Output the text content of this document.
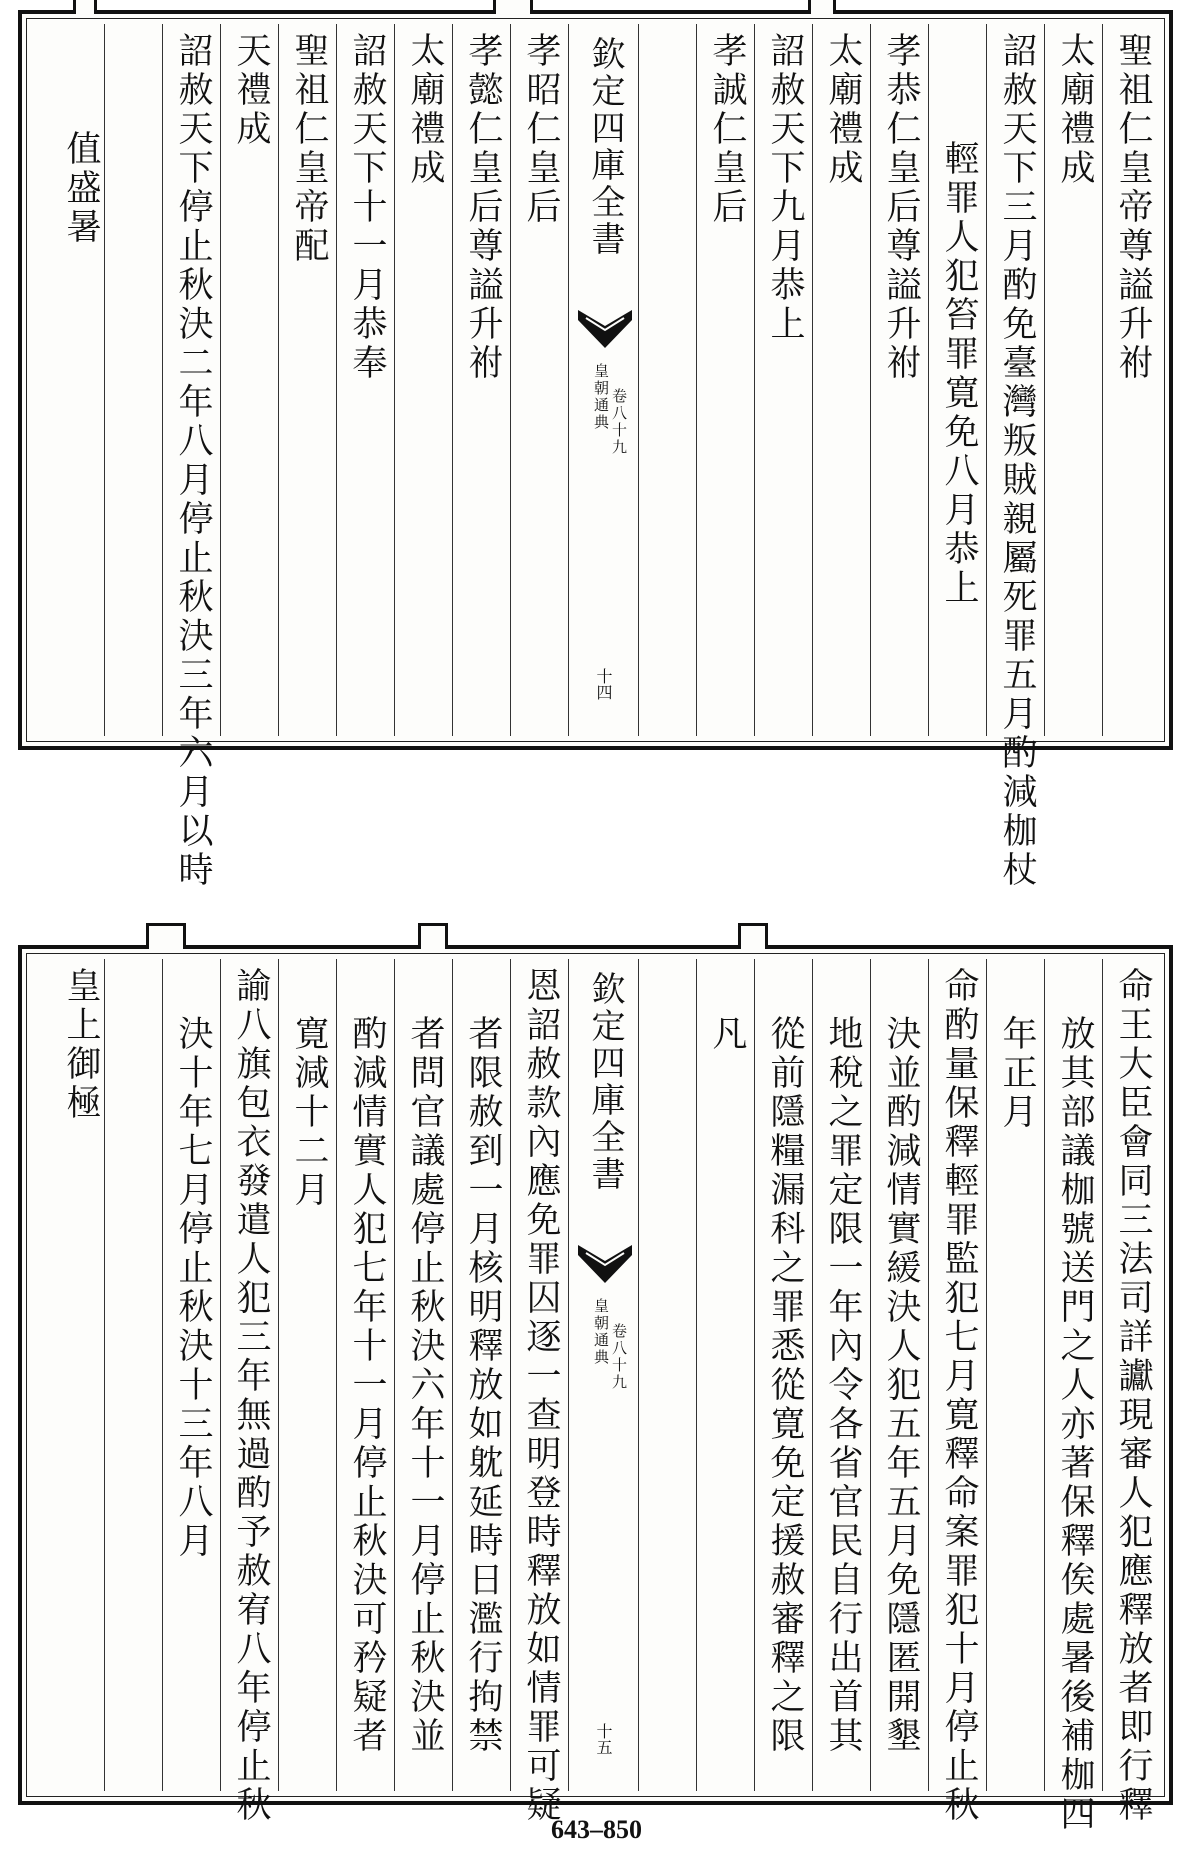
聖祖仁皇帝尊謚升祔
太廟禮成
詔赦天下三月酌免臺灣叛賊親屬死罪五月酌減枷杖
輕罪人犯笞罪寛免八月恭上
孝恭仁皇后尊謚升祔
太廟禮成
詔赦天下九月恭上
孝誠仁皇后
欽定四庫全書
皇朝通典 卷八十九
十四
孝昭仁皇后
孝懿仁皇后尊謚升祔
太廟禮成
詔赦天下十一月恭奉
聖祖仁皇帝配
天禮成
詔赦天下停止秋決二年八月停止秋決三年六月以時
值盛暑
命王大臣會同三法司詳讞現審人犯應釋放者即行釋
放其部議枷號送門之人亦著保釋俟處暑後補枷四
年正月
命酌量保釋輕罪監犯七月寛釋命案罪犯十月停止秋
決並酌減情實緩決人犯五年五月免隱匿開墾
地稅之罪定限一年內令各省官民自行出首其
從前隱糧漏科之罪悉從寛免定援赦審釋之限
凡
欽定四庫全書
皇朝通典 卷八十九
十五
恩詔赦款內應免罪囚逐一查明登時釋放如情罪可疑
者限赦到一月核明釋放如躭延時日濫行拘禁
者問官議處停止秋決六年十一月停止秋決並
酌減情實人犯七年十一月停止秋決可矜疑者
寛減十二月
諭八旗包衣發遣人犯三年無過酌予赦宥八年停止秋
決十年七月停止秋決十三年八月
皇上御極
643–850
